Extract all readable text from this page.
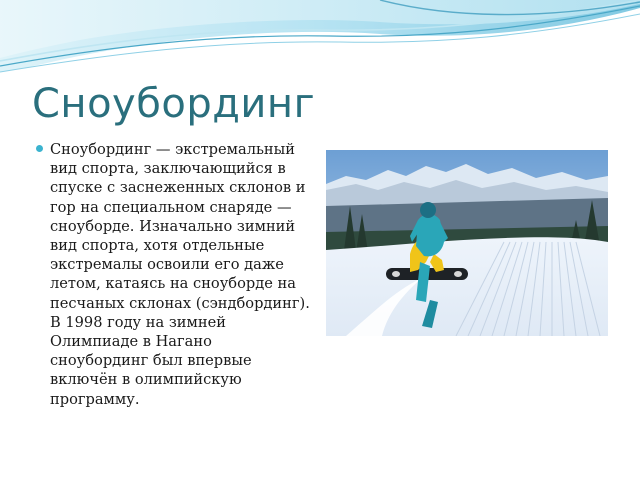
Сноубординг
Сноубординг — экстремальный вид спорта, заключающийся в спуске с заснеженных склонов и гор на специальном снаряде — сноуборде. Изначально зимний вид спорта, хотя отдельные экстремалы освоили его даже летом, катаясь на сноуборде на песчаных склонах (сэндбординг). В 1998 году на зимней Олимпиаде в Нагано сноубординг был впервые включён в олимпийскую программу.
